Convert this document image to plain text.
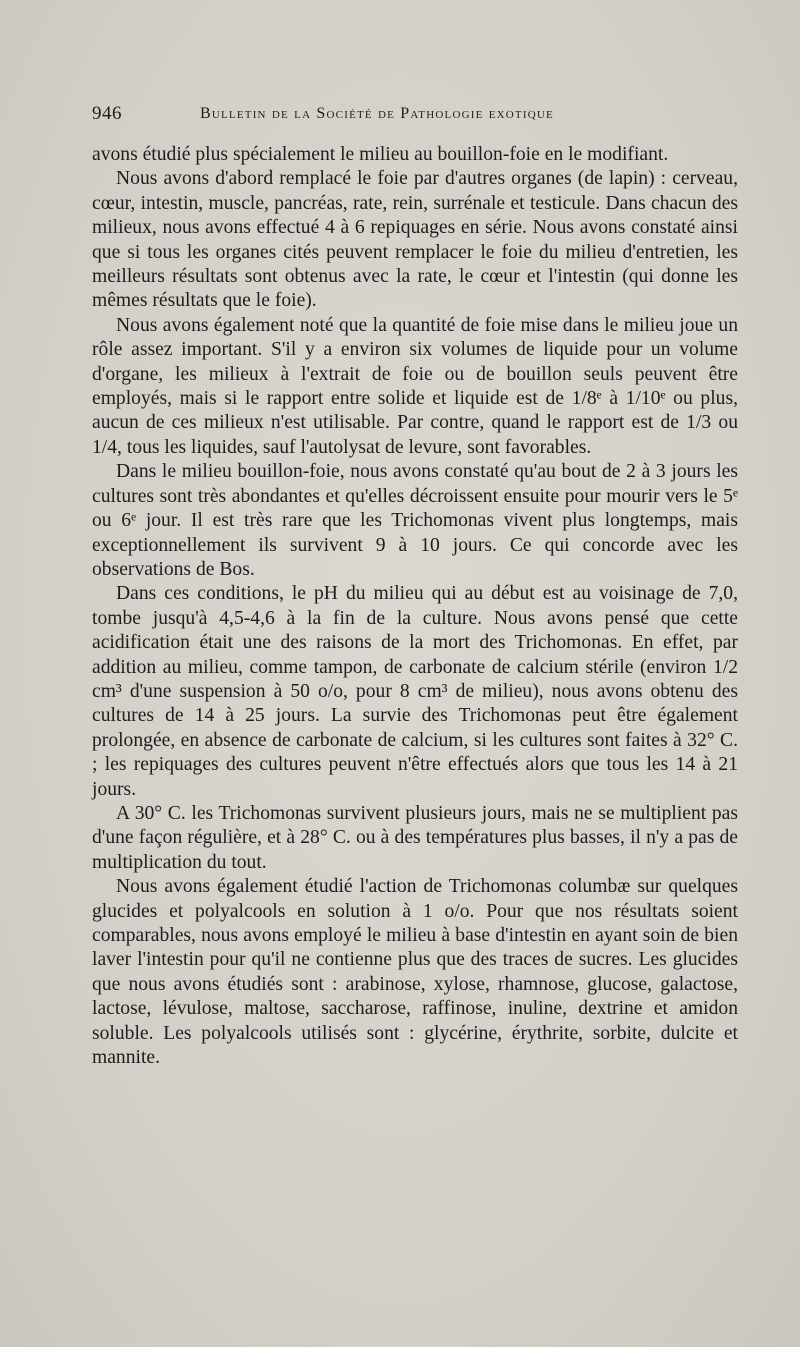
946	Bulletin de la Société de Pathologie exotique

avons étudié plus spécialement le milieu au bouillon-foie en le modifiant.

Nous avons d'abord remplacé le foie par d'autres organes (de lapin) : cerveau, cœur, intestin, muscle, pancréas, rate, rein, surrénale et testicule. Dans chacun des milieux, nous avons effectué 4 à 6 repiquages en série. Nous avons constaté ainsi que si tous les organes cités peuvent remplacer le foie du milieu d'entretien, les meilleurs résultats sont obtenus avec la rate, le cœur et l'intestin (qui donne les mêmes résultats que le foie).

Nous avons également noté que la quantité de foie mise dans le milieu joue un rôle assez important. S'il y a environ six volumes de liquide pour un volume d'organe, les milieux à l'extrait de foie ou de bouillon seuls peuvent être employés, mais si le rapport entre solide et liquide est de 1/8ᵉ à 1/10ᵉ ou plus, aucun de ces milieux n'est utilisable. Par contre, quand le rapport est de 1/3 ou 1/4, tous les liquides, sauf l'autolysat de levure, sont favorables.

Dans le milieu bouillon-foie, nous avons constaté qu'au bout de 2 à 3 jours les cultures sont très abondantes et qu'elles décroissent ensuite pour mourir vers le 5ᵉ ou 6ᵉ jour. Il est très rare que les Trichomonas vivent plus longtemps, mais exceptionnellement ils survivent 9 à 10 jours. Ce qui concorde avec les observations de Bos.

Dans ces conditions, le pH du milieu qui au début est au voisinage de 7,0, tombe jusqu'à 4,5-4,6 à la fin de la culture. Nous avons pensé que cette acidification était une des raisons de la mort des Trichomonas. En effet, par addition au milieu, comme tampon, de carbonate de calcium stérile (environ 1/2 cm³ d'une suspension à 50 o/o, pour 8 cm³ de milieu), nous avons obtenu des cultures de 14 à 25 jours. La survie des Trichomonas peut être également prolongée, en absence de carbonate de calcium, si les cultures sont faites à 32° C. ; les repiquages des cultures peuvent n'être effectués alors que tous les 14 à 21 jours.

A 30° C. les Trichomonas survivent plusieurs jours, mais ne se multiplient pas d'une façon régulière, et à 28° C. ou à des températures plus basses, il n'y a pas de multiplication du tout.

Nous avons également étudié l'action de Trichomonas columbæ sur quelques glucides et polyalcools en solution à 1 o/o. Pour que nos résultats soient comparables, nous avons employé le milieu à base d'intestin en ayant soin de bien laver l'intestin pour qu'il ne contienne plus que des traces de sucres. Les glucides que nous avons étudiés sont : arabinose, xylose, rhamnose, glucose, galactose, lactose, lévulose, maltose, saccharose, raffinose, inuline, dextrine et amidon soluble. Les polyalcools utilisés sont : glycérine, érythrite, sorbite, dulcite et mannite.
